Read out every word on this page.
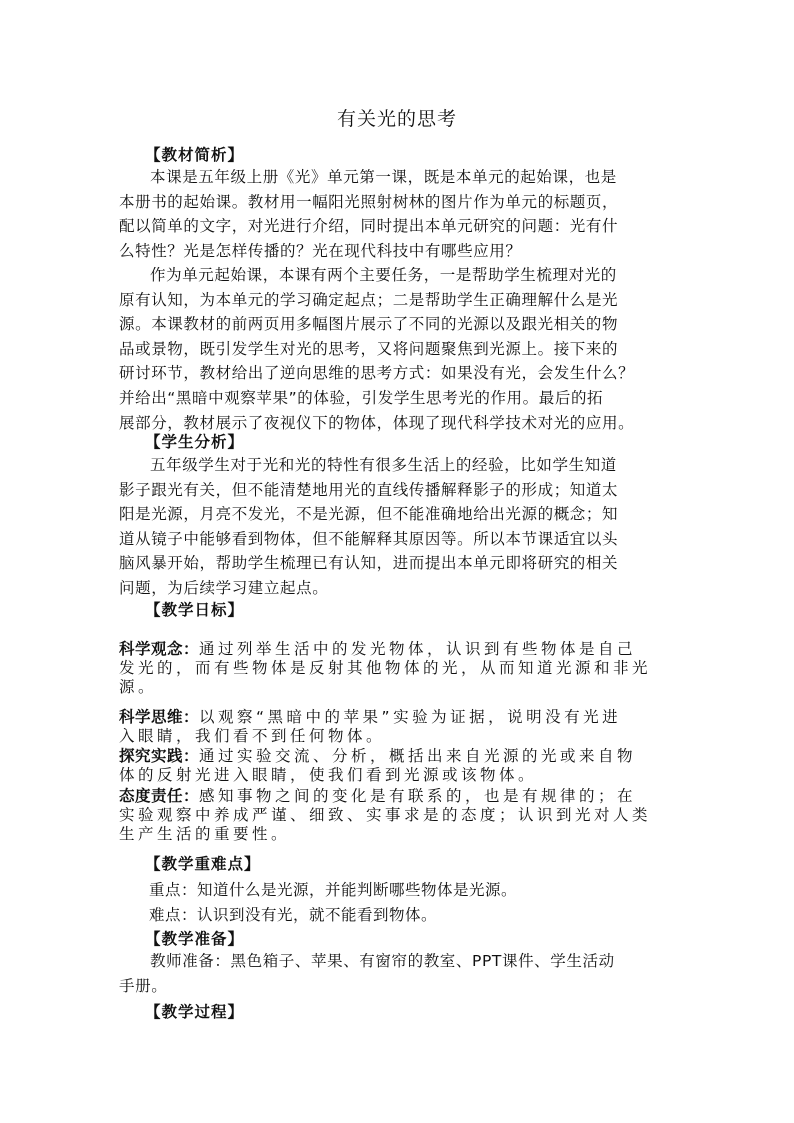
有关光的思考
【教材简析】
本课是五年级上册《光》单元第一课，既是本单元的起始课，也是
本册书的起始课。教材用一幅阳光照射树林的图片作为单元的标题页，
配以简单的文字，对光进行介绍，同时提出本单元研究的问题：光有什
么特性？光是怎样传播的？光在现代科技中有哪些应用？
作为单元起始课，本课有两个主要任务，一是帮助学生梳理对光的
原有认知，为本单元的学习确定起点；二是帮助学生正确理解什么是光
源。本课教材的前两页用多幅图片展示了不同的光源以及跟光相关的物
品或景物，既引发学生对光的思考，又将问题聚焦到光源上。接下来的
研讨环节，教材给出了逆向思维的思考方式：如果没有光，会发生什么？
并给出“黑暗中观察苹果”的体验，引发学生思考光的作用。最后的拓
展部分，教材展示了夜视仪下的物体，体现了现代科学技术对光的应用。
【学生分析】
五年级学生对于光和光的特性有很多生活上的经验，比如学生知道
影子跟光有关，但不能清楚地用光的直线传播解释影子的形成；知道太
阳是光源，月亮不发光，不是光源，但不能准确地给出光源的概念；知
道从镜子中能够看到物体，但不能解释其原因等。所以本节课适宜以头
脑风暴开始，帮助学生梳理已有认知，进而提出本单元即将研究的相关
问题，为后续学习建立起点。
【教学日标】
科学观念：通过列举生活中的发光物体，认识到有些物体是自己
发光的，而有些物体是反射其他物体的光，从而知道光源和非光
源。
科学思维：以观察“黑暗中的苹果”实验为证据，说明没有光进
入眼睛，我们看不到任何物体。
探究实践：通过实验交流、分析，概括出来自光源的光或来自物
体的反射光进入眼睛，使我们看到光源或该物体。
态度责任：感知事物之间的变化是有联系的，也是有规律的；在
实验观察中养成严谨、细致、实事求是的态度；认识到光对人类
生产生活的重要性。
【教学重难点】
重点：知道什么是光源，并能判断哪些物体是光源。
难点：认识到没有光，就不能看到物体。
【教学准备】
教师准备：黑色箱子、苹果、有窗帘的教室、PPT课件、学生活动
手册。
【教学过程】
